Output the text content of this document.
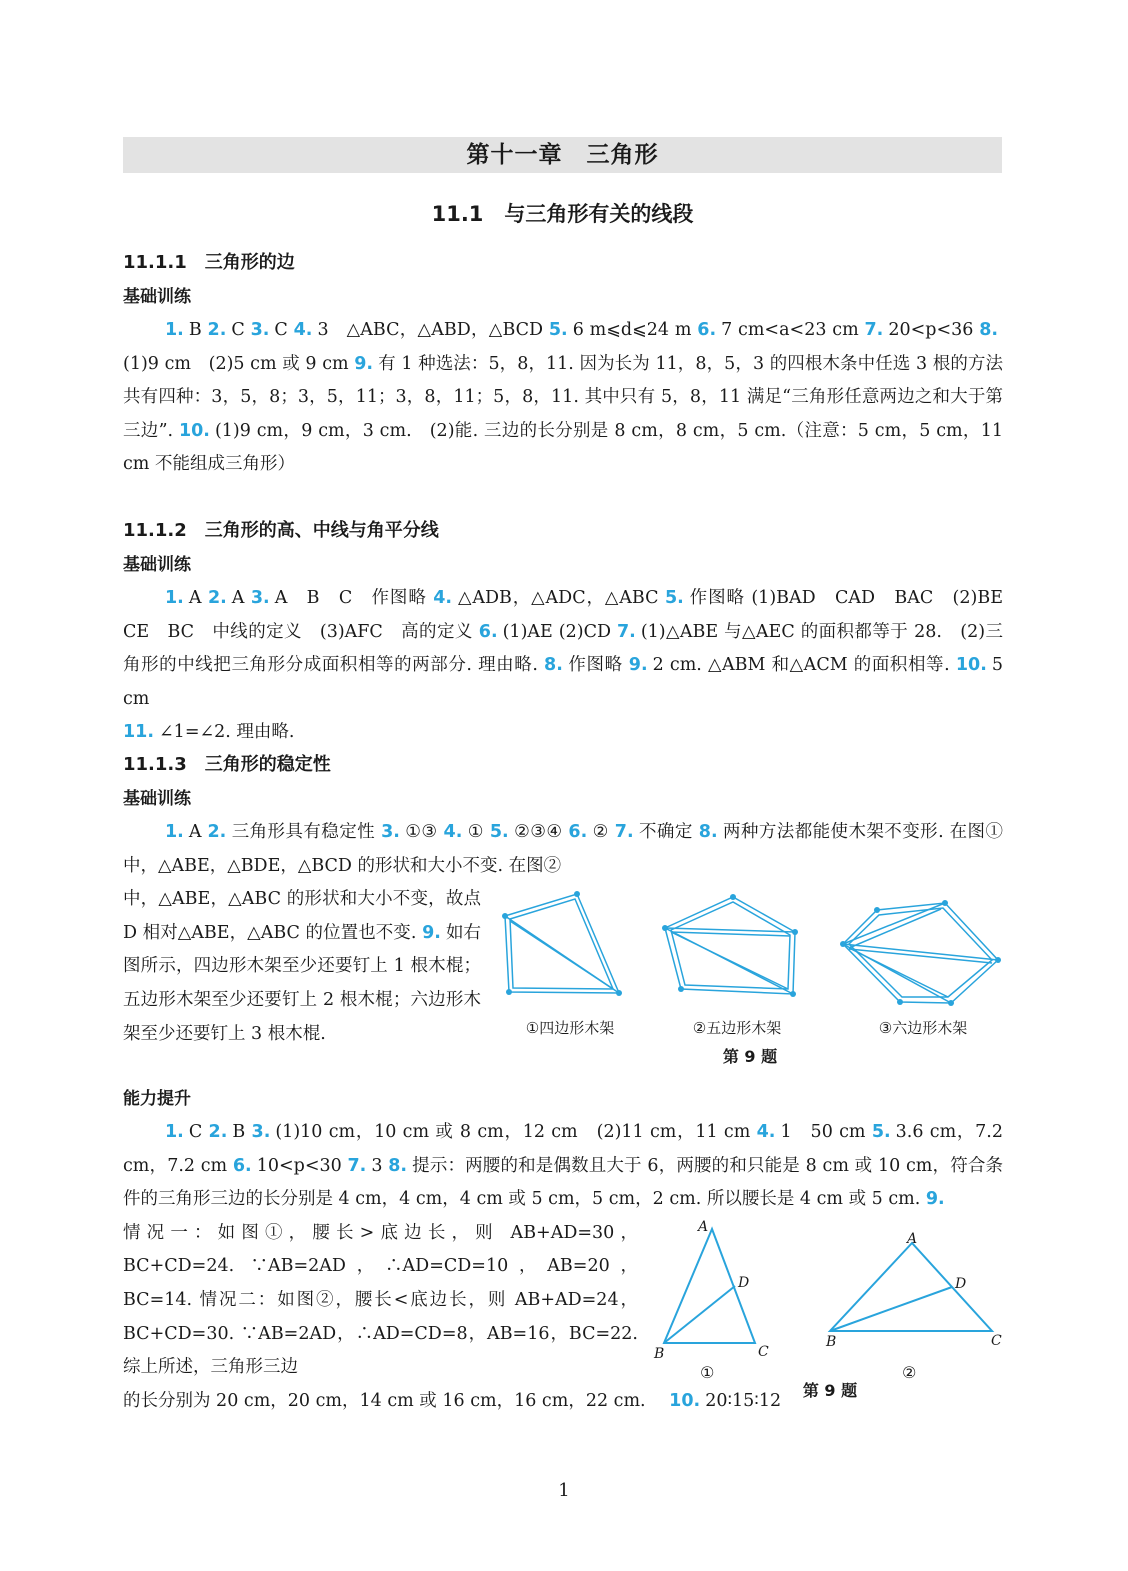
第十一章　三角形
11.1　与三角形有关的线段
11.1.1　三角形的边
基础训练
1. B 2. C 3. C 4. 3　△ABC，△ABD，△BCD 5. 6 m⩽d⩽24 m 6. 7 cm<a<23 cm 7. 20<p<36 8.(1)9 cm　(2)5 cm 或 9 cm 9. 有 1 种选法：5，8，11. 因为长为 11，8，5，3 的四根木条中任选 3 根的方法共有四种：3，5，8；3，5，11；3，8，11；5，8，11. 其中只有 5，8，11 满足“三角形任意两边之和大于第三边”. 10. (1)9 cm，9 cm，3 cm.　(2)能. 三边的长分别是 8 cm，8 cm，5 cm.（注意：5 cm，5 cm，11 cm 不能组成三角形）
11.1.2　三角形的高、中线与角平分线
基础训练
1. A 2. A 3. A　B　C　作图略 4. △ADB，△ADC，△ABC 5. 作图略 (1)BAD　CAD　BAC　(2)BE　CE　BC　中线的定义　(3)AFC　高的定义 6. (1)AE (2)CD 7. (1)△ABE 与△AEC 的面积都等于 28.　(2)三角形的中线把三角形分成面积相等的两部分. 理由略. 8. 作图略 9. 2 cm. △ABM 和△ACM 的面积相等. 10. 5 cm
11. ∠1=∠2. 理由略.
11.1.3　三角形的稳定性
基础训练
1. A 2. 三角形具有稳定性 3. ①③ 4. ① 5. ②③④ 6. ② 7. 不确定 8. 两种方法都能使木架不变形. 在图①中，△ABE，△BDE，△BCD 的形状和大小不变. 在图②
中，△ABE，△ABC 的形状和大小不变，故点 D 相对△ABE，△ABC 的位置也不变. 9. 如右图所示，四边形木架至少还要钉上 1 根木棍；五边形木架至少还要钉上 2 根木棍；六边形木架至少还要钉上 3 根木棍.	①四边形木架	②五边形木架	③六边形木架
第 9 题
能力提升
1. C 2. B 3. (1)10 cm，10 cm 或 8 cm，12 cm　(2)11 cm，11 cm 4. 1　50 cm 5. 3.6 cm，7.2 cm，7.2 cm 6. 10<p<30 7. 3 8. 提示：两腰的和是偶数且大于 6，两腰的和只能是 8 cm 或 10 cm，符合条件的三角形三边的长分别是 4 cm，4 cm，4 cm 或 5 cm，5 cm，2 cm. 所以腰长是 4 cm 或 5 cm. 9.
情况一：如图①，腰长>底边长，则 AB+AD=30，BC+CD=24. ∵AB=2AD，∴AD=CD=10，AB=20，BC=14. 情况二：如图②，腰长<底边长，则 AB+AD=24，BC+CD=30. ∵AB=2AD，∴AD=CD=8，AB=16，BC=22. 综上所述，三角形三边
的长分别为 20 cm，20 cm，14 cm 或 16 cm，16 cm，22 cm. 10. 20∶15∶12
A
B	C
D
A
B	C
D
①	②
第 9 题
1
